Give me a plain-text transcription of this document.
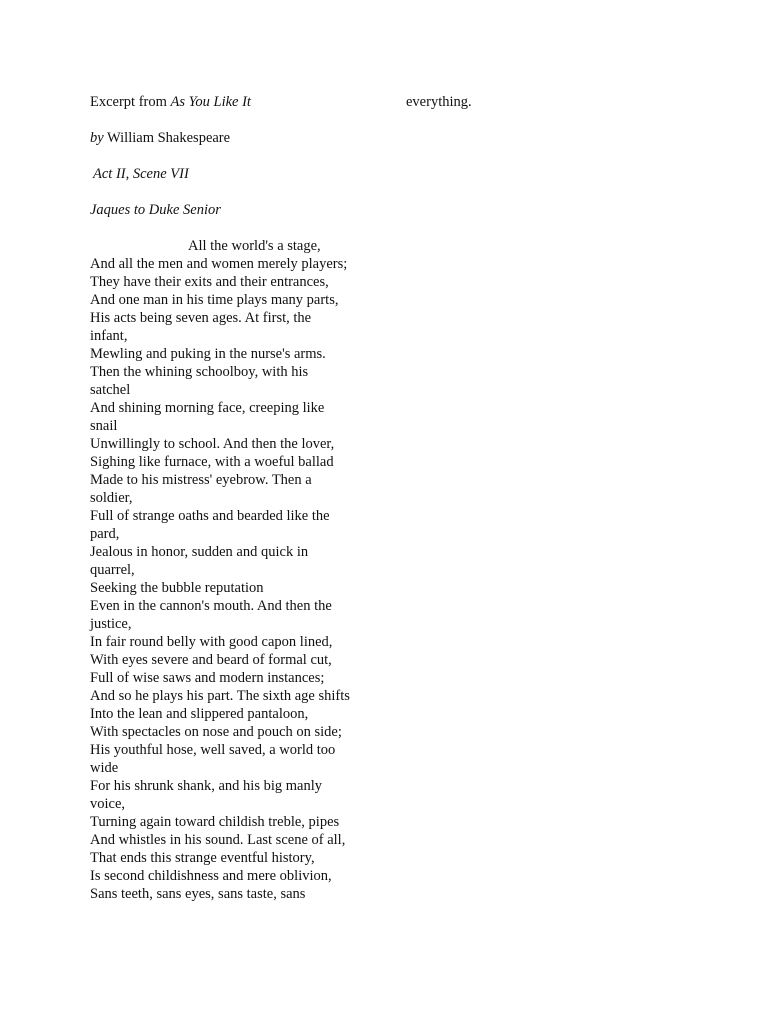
Excerpt from As You Like It
by William Shakespeare
Act II, Scene VII
Jaques to Duke Senior
All the world's a stage,
And all the men and women merely players;
They have their exits and their entrances,
And one man in his time plays many parts,
His acts being seven ages. At first, the
infant,
Mewling and puking in the nurse's arms.
Then the whining schoolboy, with his
satchel
And shining morning face, creeping like
snail
Unwillingly to school. And then the lover,
Sighing like furnace, with a woeful ballad
Made to his mistress' eyebrow. Then a
soldier,
Full of strange oaths and bearded like the
pard,
Jealous in honor, sudden and quick in
quarrel,
Seeking the bubble reputation
Even in the cannon's mouth. And then the
justice,
In fair round belly with good capon lined,
With eyes severe and beard of formal cut,
Full of wise saws and modern instances;
And so he plays his part. The sixth age shifts
Into the lean and slippered pantaloon,
With spectacles on nose and pouch on side;
His youthful hose, well saved, a world too
wide
For his shrunk shank, and his big manly
voice,
Turning again toward childish treble, pipes
And whistles in his sound. Last scene of all,
That ends this strange eventful history,
Is second childishness and mere oblivion,
Sans teeth, sans eyes, sans taste, sans
everything.
